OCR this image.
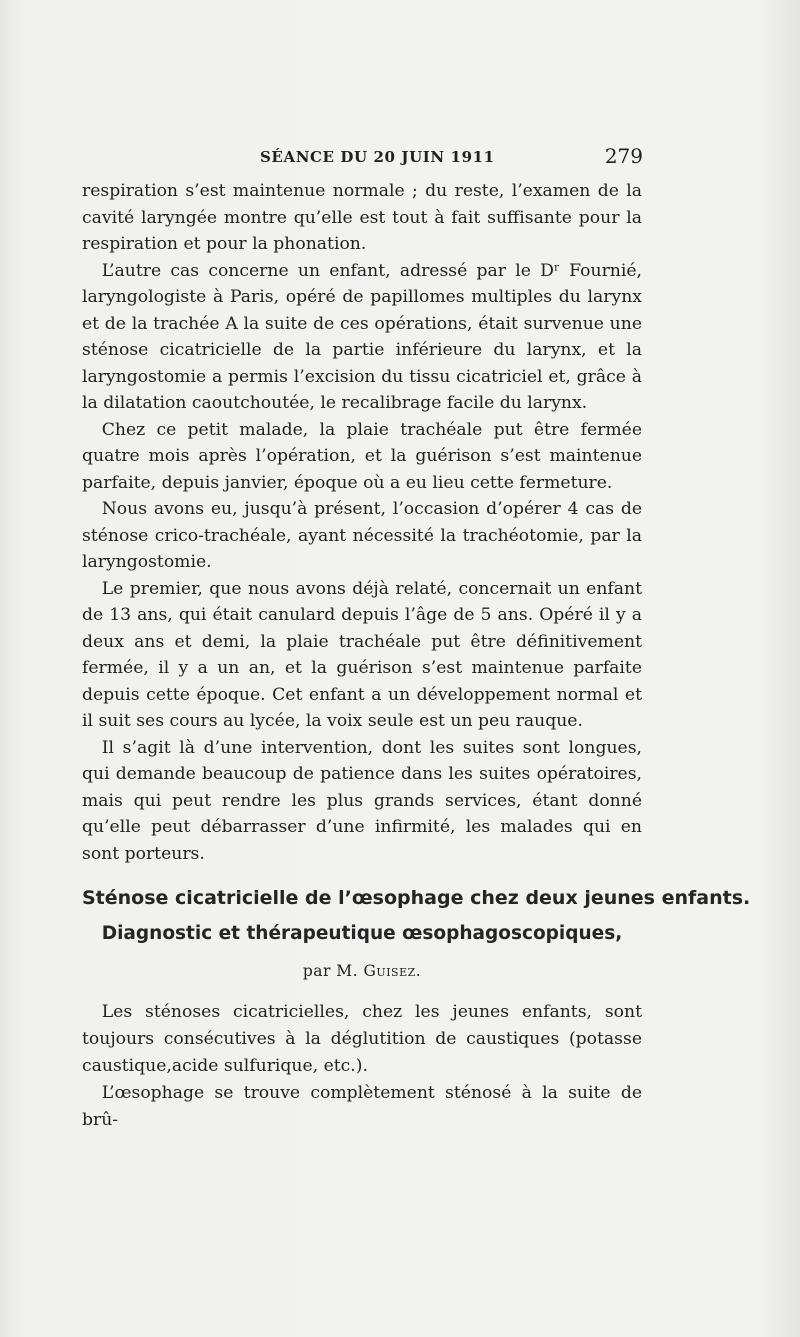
SÉANCE DU 20 JUIN 1911	279

respiration s’est maintenue normale ; du reste, l’examen de la cavité laryngée montre qu’elle est tout à fait suffisante pour la respiration et pour la phonation.

L’autre cas concerne un enfant, adressé par le Dʳ Fournié, laryngologiste à Paris, opéré de papillomes multiples du larynx et de la trachée A la suite de ces opérations, était survenue une sténose cicatricielle de la partie inférieure du larynx, et la laryngostomie a permis l’excision du tissu cicatriciel et, grâce à la dilatation caoutchoutée, le recalibrage facile du larynx.

Chez ce petit malade, la plaie trachéale put être fermée quatre mois après l’opération, et la guérison s’est maintenue parfaite, depuis janvier, époque où a eu lieu cette fermeture.

Nous avons eu, jusqu’à présent, l’occasion d’opérer 4 cas de sténose crico-trachéale, ayant nécessité la trachéotomie, par la laryngostomie.

Le premier, que nous avons déjà relaté, concernait un enfant de 13 ans, qui était canulard depuis l’âge de 5 ans. Opéré il y a deux ans et demi, la plaie trachéale put être définitivement fermée, il y a un an, et la guérison s’est maintenue parfaite depuis cette époque. Cet enfant a un développement normal et il suit ses cours au lycée, la voix seule est un peu rauque.

Il s’agit là d’une intervention, dont les suites sont longues, qui demande beaucoup de patience dans les suites opératoires, mais qui peut rendre les plus grands services, étant donné qu’elle peut débarrasser d’une infirmité, les malades qui en sont porteurs.

Sténose cicatricielle de l’œsophage chez deux jeunes enfants.
Diagnostic et thérapeutique œsophagoscopiques,
par M. Guisez.

Les sténoses cicatricielles, chez les jeunes enfants, sont toujours consécutives à la déglutition de caustiques (potasse caustique,acide sulfurique, etc.).

L’œsophage se trouve complètement sténosé à la suite de brû-
